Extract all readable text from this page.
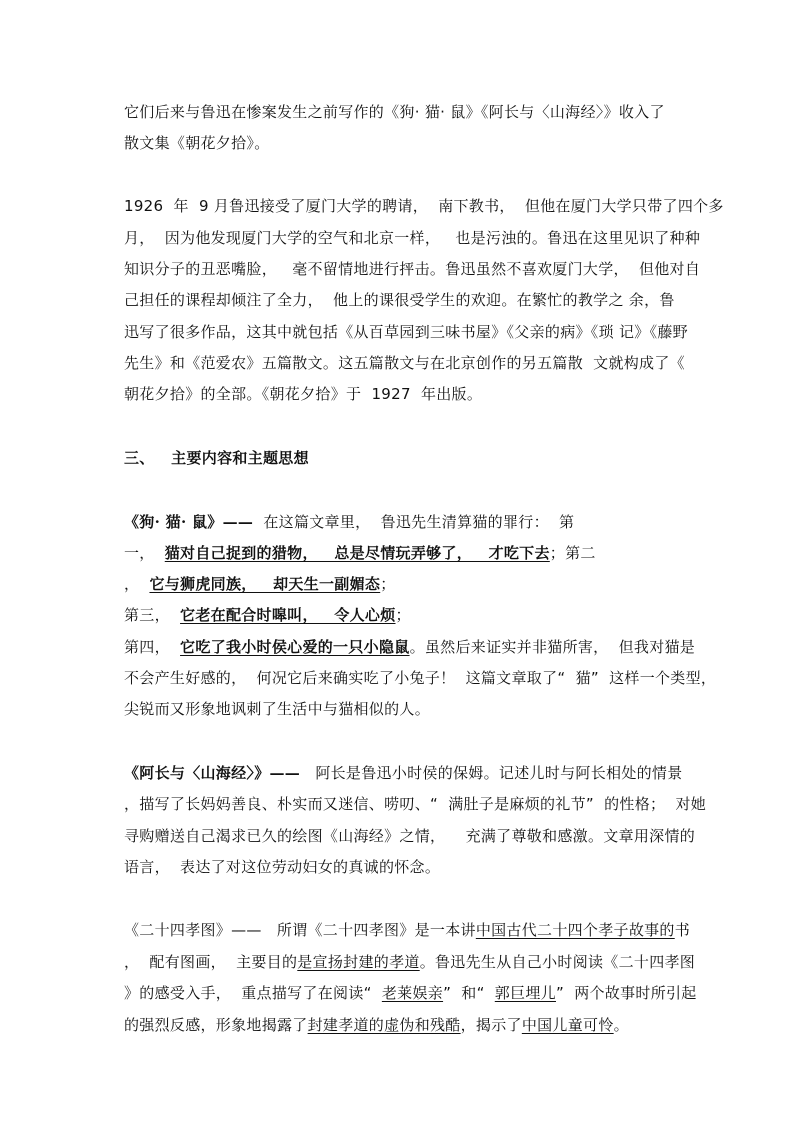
它们后来与鲁迅在惨案发生之前写作的《狗· 猫· 鼠》《阿长与〈山海经〉》收入了
散文集《朝花夕拾》。
1926  年  9 月鲁迅接受了厦门大学的聘请，  南下教书，  但他在厦门大学只带了四个多
月，  因为他发现厦门大学的空气和北京一样，   也是污浊的。鲁迅在这里见识了种种
知识分子的丑恶嘴脸，   毫不留情地进行抨击。鲁迅虽然不喜欢厦门大学，  但他对自
己担任的课程却倾注了全力，  他上的课很受学生的欢迎。在繁忙的教学之 余，鲁
迅写了很多作品，这其中就包括《从百草园到三味书屋》《父亲的病》《琐 记》《藤野
先生》和《范爱农》五篇散文。这五篇散文与在北京创作的另五篇散  文就构成了《
朝花夕拾》的全部。《朝花夕拾》于  1927  年出版。
三、   主要内容和主题思想
《狗· 猫· 鼠》——  在这篇文章里，  鲁迅先生清算猫的罪行：  第
一，  猫对自己捉到的猎物，   总是尽情玩弄够了，   才吃下去；第二
，  它与狮虎同族，   却天生一副媚态；
第三，  它老在配合时嗥叫，   令人心烦；
第四，  它吃了我小时侯心爱的一只小隐鼠。虽然后来证实并非猫所害，  但我对猫是
不会产生好感的，  何况它后来确实吃了小兔子！  这篇文章取了“  猫”  这样一个类型，
尖锐而又形象地讽刺了生活中与猫相似的人。
《阿长与〈山海经〉》——   阿长是鲁迅小时侯的保姆。记述儿时与阿长相处的情景
，描写了长妈妈善良、朴实而又迷信、唠叨、“  满肚子是麻烦的礼节”  的性格；  对她
寻购赠送自己渴求已久的绘图《山海经》之情，    充满了尊敬和感激。文章用深情的
语言，  表达了对这位劳动妇女的真诚的怀念。
《二十四孝图》——   所谓《二十四孝图》是一本讲中国古代二十四个孝子故事的书
，  配有图画，  主要目的是宣扬封建的孝道。鲁迅先生从自己小时阅读《二十四孝图
》的感受入手，  重点描写了在阅读“  老莱娱亲”  和“  郭巨埋儿”  两个故事时所引起
的强烈反感，形象地揭露了封建孝道的虚伪和残酷，揭示了中国儿童可怜。
